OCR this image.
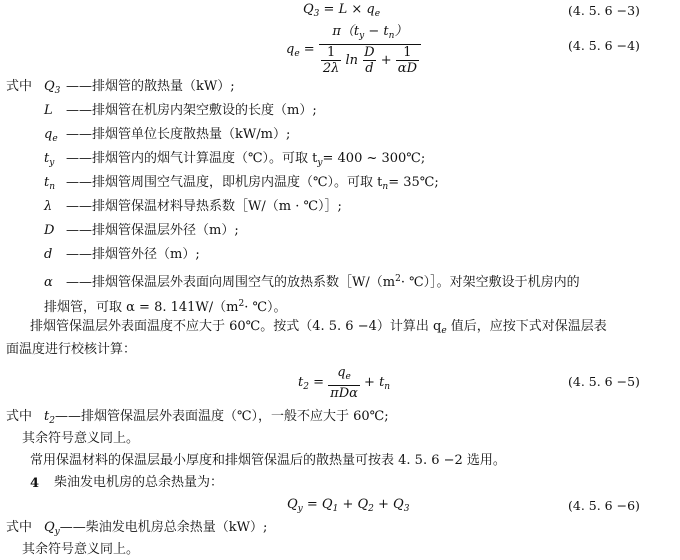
$Q_3 = L \times q_e$	(4. 5. 6 −3)
$q_e = \frac{\pi(t_y - t_n)}{\frac{1}{2\lambda} \ln \frac{D}{d} + \frac{1}{\alpha D}}$	(4. 5. 6 −4)
式中 $Q_3$ ——排烟管的散热量（kW）;
L ——排烟管在机房内架空敷设的长度（m）;
$q_e$ ——排烟管单位长度散热量（kW/m）;
$t_y$ ——排烟管内的烟气计算温度（℃）。可取 $t_y= 400$ ~ 300℃;
$t_n$ ——排烟管周围空气温度，即机房内温度（℃）。可取 $t_n=$ 35℃;
λ ——排烟管保温材料导热系数［W/（m · ℃）］;
D ——排烟管保温层外径（m）;
d ——排烟管外径（m）;
α ——排烟管保温层外表面向周围空气的放热系数$[W/(m^2\cdot$ ℃）］。对架空敷设于机房内的
排烟管，可取 α = 8. $141W/(m^2\cdot$ ℃）。
排烟管保温层外表面温度不应大于 60℃。按式（4. 5. 6 −4）计算出 $q_e$ 值后，应按下式对保温层表
面温度进行校核计算：
$t_2 = \frac{q_e}{\text{πDα}} + t_n$	(4. 5. 6 −5)
式中 $t_2——$排烟管保温层外表面温度（℃），一般不应大于 60℃;
其余符号意义同上。
常用保温材料的保温层最小厚度和排烟管保温后的散热量可按表 4. 5. 6 −2 选用。
4 柴油发电机房的总余热量为：
$Q_y = Q_1 + Q_2 + Q_3$	(4. 5. 6 −6)
式中 $Q_y——$柴油发电机房总余热量（kW）;
其余符号意义同上。
